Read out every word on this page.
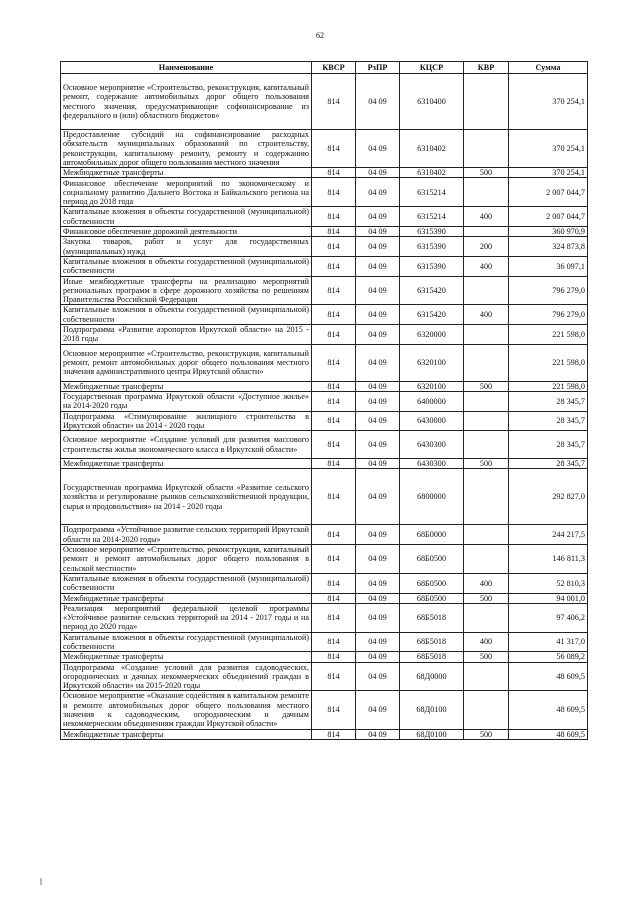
62
Наименование	КВСР	РзПР	КЦСР	КВР	Сумма
Основное мероприятие «Строительство, реконструкция, капитальный ремонт, содержание автомобильных дорог общего пользования местного значения, предусматривающие софинансирование из федерального и (или) областного бюджетов»	814	04 09	6310400		370 254,1
Предоставление субсидий на софинансирование расходных обязательств муниципальных образований по строительству, реконструкции, капитальному ремонту, ремонту и содержанию автомобильных дорог общего пользования местного значения	814	04 09	6310402		370 254,1
Межбюджетные трансферты	814	04 09	6310402	500	370 254,1
Финансовое обеспечение мероприятий по экономическому и социальному развитию Дальнего Востока и Байкальского региона на период до 2018 года	814	04 09	6315214		2 007 044,7
Капитальные вложения в объекты государственной (муниципальной) собственности	814	04 09	6315214	400	2 007 044,7
Финансовое обеспечение дорожной деятельности	814	04 09	6315390		360 970,9
Закупка товаров, работ и услуг для государственных (муниципальных) нужд	814	04 09	6315390	200	324 873,8
Капитальные вложения в объекты государственной (муниципальной) собственности	814	04 09	6315390	400	36 097,1
Иные межбюджетные трансферты на реализацию мероприятий региональных программ в сфере дорожного хозяйства по решениям Правительства Российской Федерации	814	04 09	6315420		796 279,0
Капитальные вложения в объекты государственной (муниципальной) собственности	814	04 09	6315420	400	796 279,0
Подпрограмма «Развитие аэропортов Иркутской области» на 2015 - 2018 годы	814	04 09	6320000		221 598,0
Основное мероприятие «Строительство, реконструкция, капитальный ремонт, ремонт автомобильных дорог общего пользования местного значения административного центра Иркутской области»	814	04 09	6320100		221 598,0
Межбюджетные трансферты	814	04 09	6320100	500	221 598,0
Государственная программа Иркутской области «Доступное жилье» на 2014-2020 годы	814	04 09	6400000		28 345,7
Подпрограмма «Стимулирование жилищного строительства в Иркутской области» на 2014 - 2020 годы	814	04 09	6430000		28 345,7
Основное мероприятие «Создание условий для развития массового строительства жилья экономического класса в Иркутской области»	814	04 09	6430300		28 345,7
Межбюджетные трансферты	814	04 09	6430300	500	28 345,7
Государственная программа Иркутской области «Развитие сельского хозяйства и регулирование рынков сельскохозяйственной продукции, сырья и продовольствия» на 2014 - 2020 годы	814	04 09	6800000		292 827,0
Подпрограмма «Устойчивое развитие сельских территорий Иркутской области на 2014-2020 годы»	814	04 09	68Б0000		244 217,5
Основное мероприятие «Строительство, реконструкция, капитальный ремонт и ремонт автомобильных дорог общего пользования в сельской местности»	814	04 09	68Б0500		146 811,3
Капитальные вложения в объекты государственной (муниципальной) собственности	814	04 09	68Б0500	400	52 810,3
Межбюджетные трансферты	814	04 09	68Б0500	500	94 001,0
Реализация мероприятий федеральной целевой программы «Устойчивое развитие сельских территорий на 2014 - 2017 годы и на период до 2020 года»	814	04 09	68Б5018		97 406,2
Капитальные вложения в объекты государственной (муниципальной) собственности	814	04 09	68Б5018	400	41 317,0
Межбюджетные трансферты	814	04 09	68Б5018	500	56 089,2
Подпрограмма «Создание условий для развития садоводческих, огороднических и дачных некоммерческих объединений граждан в Иркутской области» на 2015-2020 годы	814	04 09	68Д0000		48 609,5
Основное мероприятие «Оказание содействия в капитальном ремонте и ремонте автомобильных дорог общего пользования местного значения к садоводческим, огородническим и дачным некоммерческим объединениям граждан Иркутской области»	814	04 09	68Д0100		48 609,5
Межбюджетные трансферты	814	04 09	68Д0100	500	48 609,5
